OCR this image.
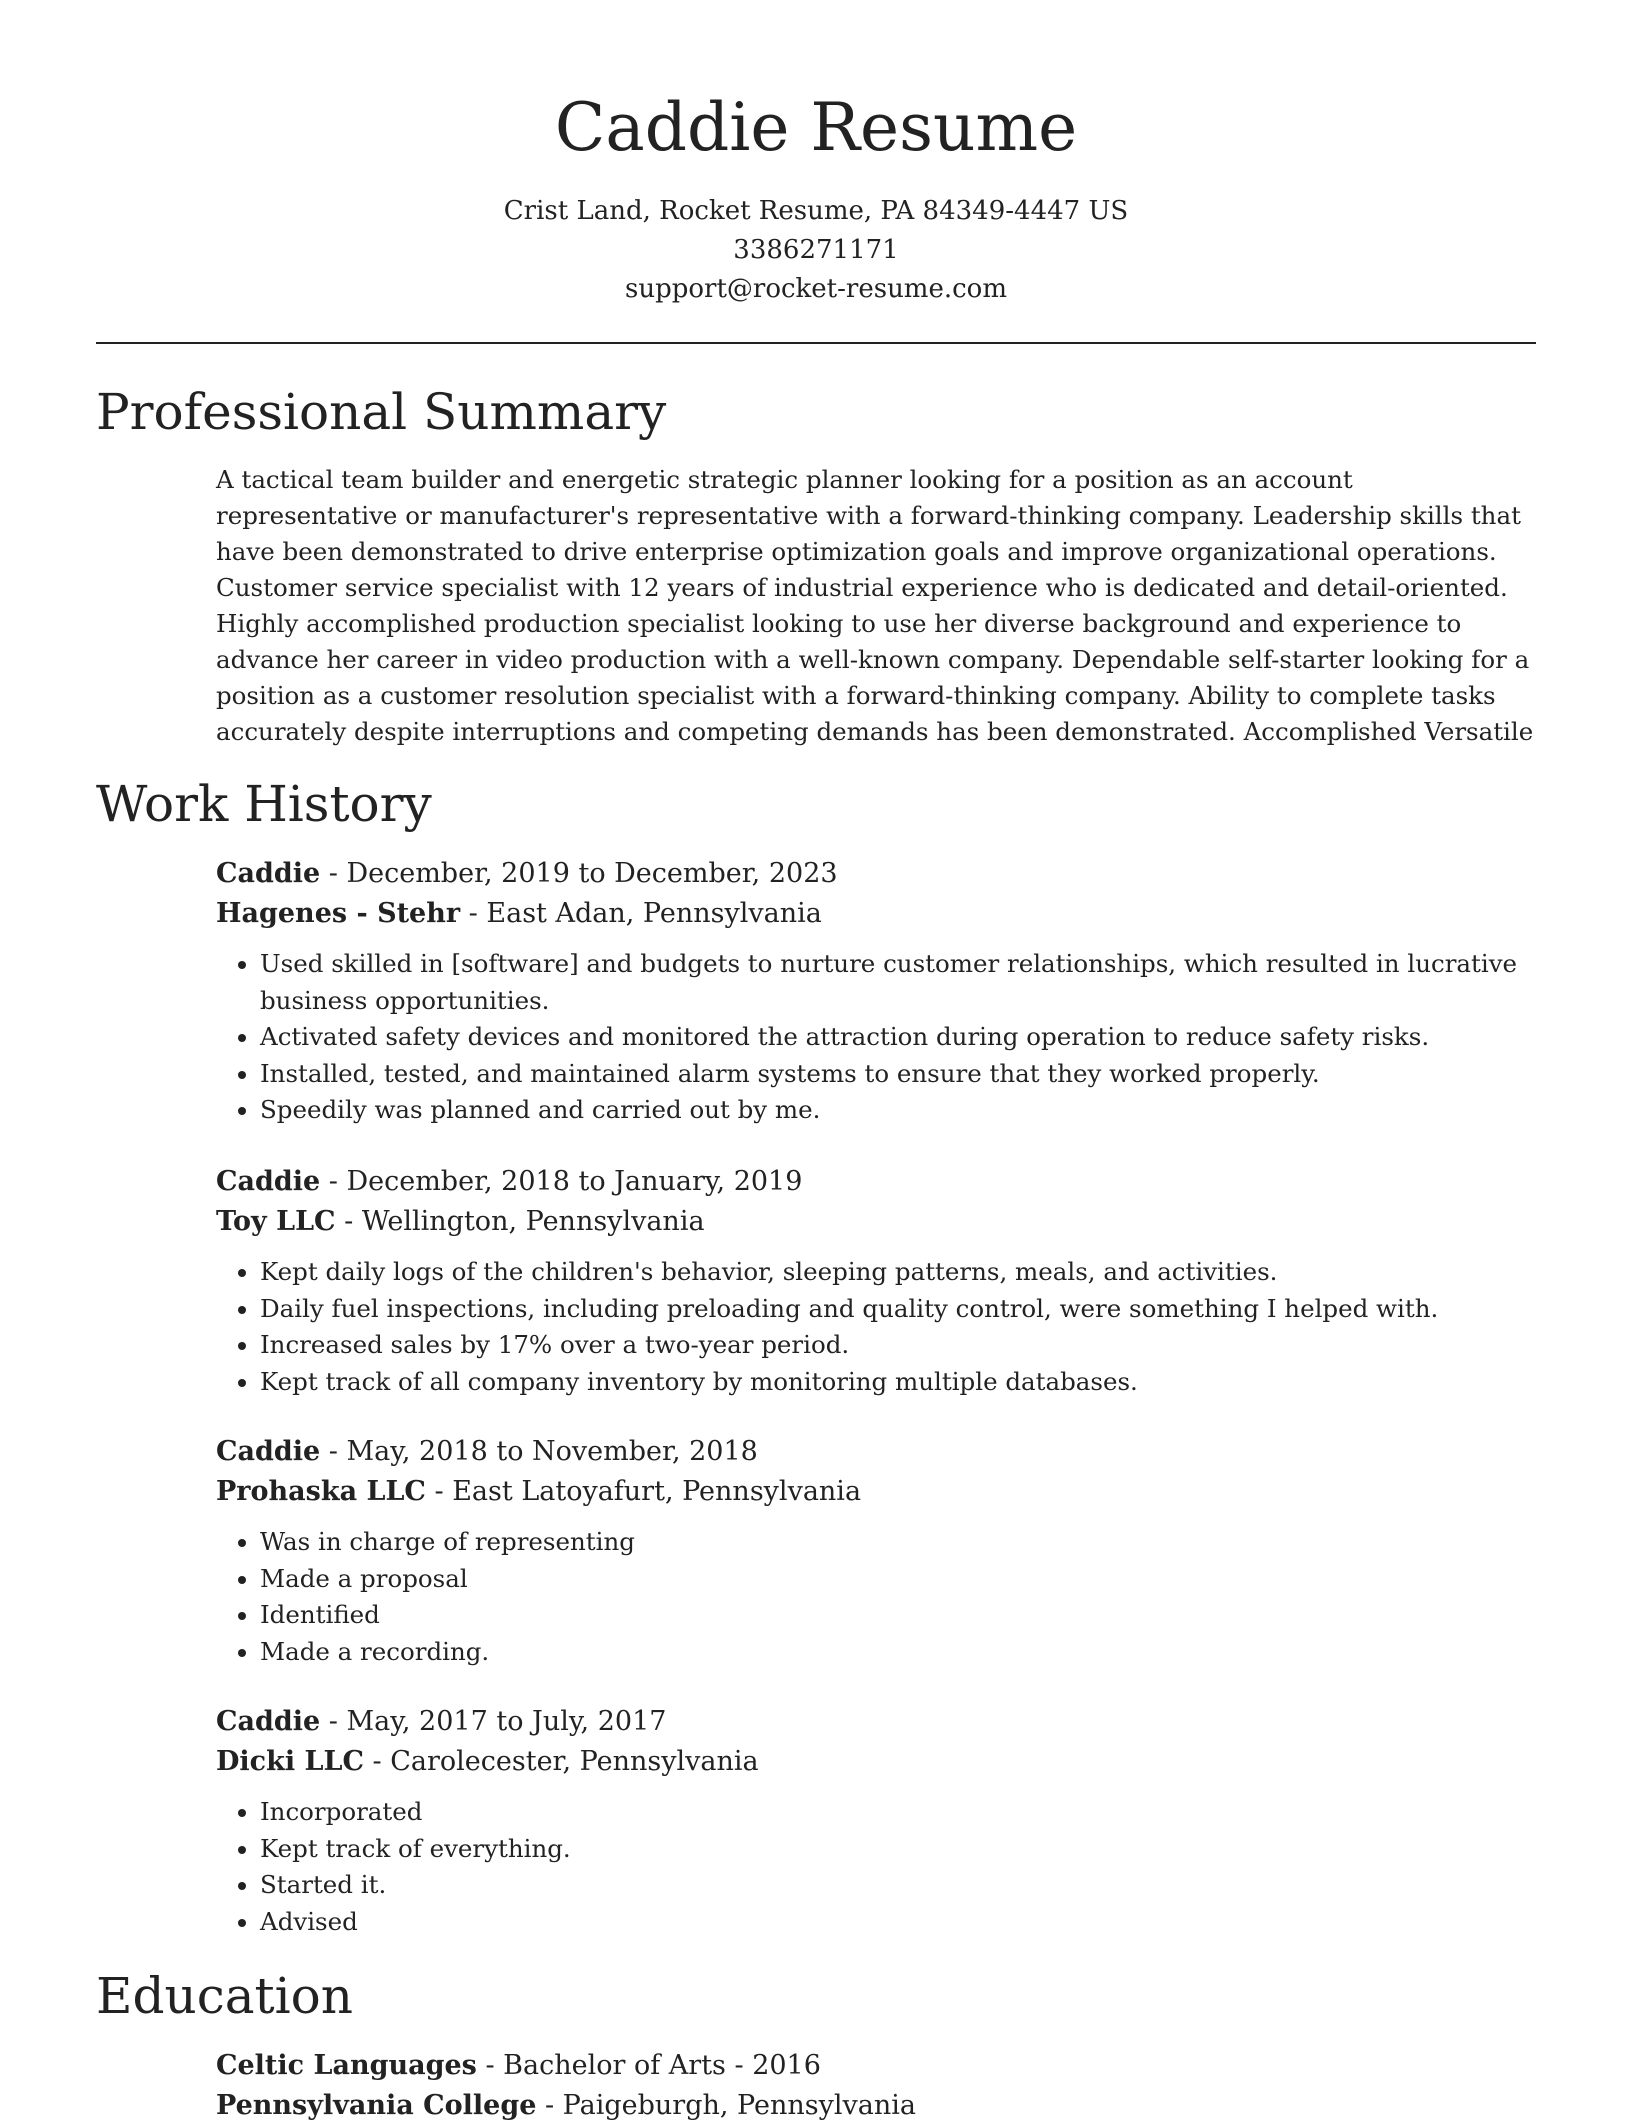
Caddie Resume
Crist Land, Rocket Resume, PA 84349-4447 US
3386271171
support@rocket-resume.com
Professional Summary
A tactical team builder and energetic strategic planner looking for a position as an account representative or manufacturer's representative with a forward-thinking company. Leadership skills that have been demonstrated to drive enterprise optimization goals and improve organizational operations. Customer service specialist with 12 years of industrial experience who is dedicated and detail-oriented. Highly accomplished production specialist looking to use her diverse background and experience to advance her career in video production with a well-known company. Dependable self-starter looking for a position as a customer resolution specialist with a forward-thinking company. Ability to complete tasks accurately despite interruptions and competing demands has been demonstrated. Accomplished Versatile
Work History
Caddie - December, 2019 to December, 2023
Hagenes - Stehr - East Adan, Pennsylvania
• Used skilled in [software] and budgets to nurture customer relationships, which resulted in lucrative business opportunities.
• Activated safety devices and monitored the attraction during operation to reduce safety risks.
• Installed, tested, and maintained alarm systems to ensure that they worked properly.
• Speedily was planned and carried out by me.
Caddie - December, 2018 to January, 2019
Toy LLC - Wellington, Pennsylvania
• Kept daily logs of the children's behavior, sleeping patterns, meals, and activities.
• Daily fuel inspections, including preloading and quality control, were something I helped with.
• Increased sales by 17% over a two-year period.
• Kept track of all company inventory by monitoring multiple databases.
Caddie - May, 2018 to November, 2018
Prohaska LLC - East Latoyafurt, Pennsylvania
• Was in charge of representing
• Made a proposal
• Identified
• Made a recording.
Caddie - May, 2017 to July, 2017
Dicki LLC - Carolecester, Pennsylvania
• Incorporated
• Kept track of everything.
• Started it.
• Advised
Education
Celtic Languages - Bachelor of Arts - 2016
Pennsylvania College - Paigeburgh, Pennsylvania
